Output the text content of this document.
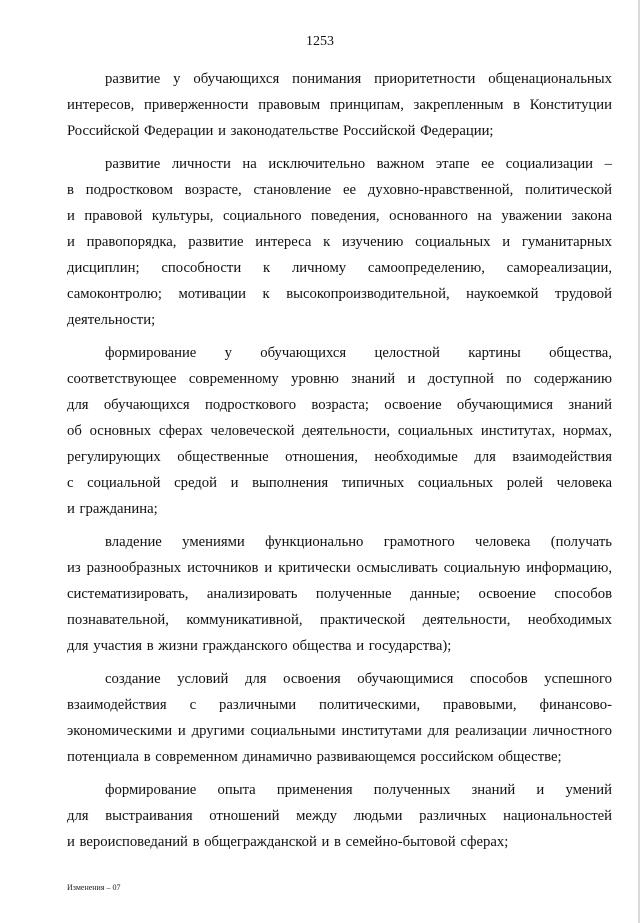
1253
развитие у обучающихся понимания приоритетности общенациональных
интересов, приверженности правовым принципам, закрепленным в Конституции
Российской Федерации и законодательстве Российской Федерации;
развитие личности на исключительно важном этапе ее социализации –
в подростковом возрасте, становление ее духовно-нравственной, политической
и правовой культуры, социального поведения, основанного на уважении закона
и правопорядка, развитие интереса к изучению социальных и гуманитарных
дисциплин; способности к личному самоопределению, самореализации,
самоконтролю; мотивации к высокопроизводительной, наукоемкой трудовой
деятельности;
формирование у обучающихся целостной картины общества,
соответствующее современному уровню знаний и доступной по содержанию
для обучающихся подросткового возраста; освоение обучающимися знаний
об основных сферах человеческой деятельности, социальных институтах, нормах,
регулирующих общественные отношения, необходимые для взаимодействия
с социальной средой и выполнения типичных социальных ролей человека
и гражданина;
владение умениями функционально грамотного человека (получать
из разнообразных источников и критически осмысливать социальную информацию,
систематизировать, анализировать полученные данные; освоение способов
познавательной, коммуникативной, практической деятельности, необходимых
для участия в жизни гражданского общества и государства);
создание условий для освоения обучающимися способов успешного
взаимодействия с различными политическими, правовыми, финансово-
экономическими и другими социальными институтами для реализации личностного
потенциала в современном динамично развивающемся российском обществе;
формирование опыта применения полученных знаний и умений
для выстраивания отношений между людьми различных национальностей
и вероисповеданий в общегражданской и в семейно-бытовой сферах;
Изменения – 07
